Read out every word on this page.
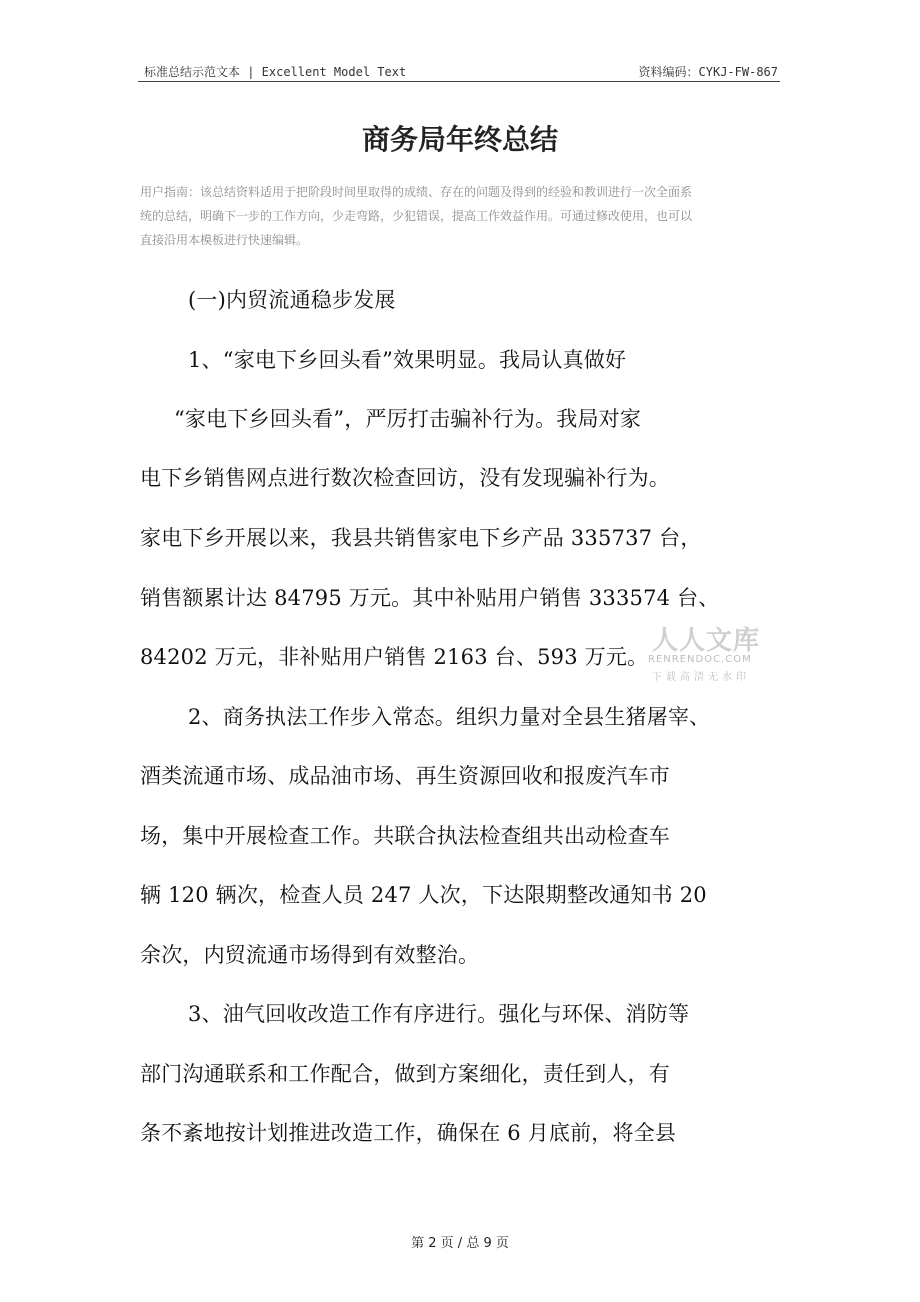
标准总结示范文本 | Excellent Model Text	资料编码：CYKJ-FW-867
商务局年终总结
用户指南：该总结资料适用于把阶段时间里取得的成绩、存在的问题及得到的经验和教训进行一次全面系
统的总结，明确下一步的工作方向，少走弯路，少犯错误，提高工作效益作用。可通过修改使用，也可以
直接沿用本模板进行快速编辑。
(一)内贸流通稳步发展
1、“家电下乡回头看”效果明显。我局认真做好
“家电下乡回头看”，严厉打击骗补行为。我局对家
电下乡销售网点进行数次检查回访，没有发现骗补行为。
家电下乡开展以来，我县共销售家电下乡产品 335737 台，
销售额累计达 84795 万元。其中补贴用户销售 333574 台、
84202 万元，非补贴用户销售 2163 台、593 万元。
2、商务执法工作步入常态。组织力量对全县生猪屠宰、
酒类流通市场、成品油市场、再生资源回收和报废汽车市
场，集中开展检查工作。共联合执法检查组共出动检查车
辆 120 辆次，检查人员 247 人次，下达限期整改通知书 20
余次，内贸流通市场得到有效整治。
3、油气回收改造工作有序进行。强化与环保、消防等
部门沟通联系和工作配合，做到方案细化，责任到人，有
条不紊地按计划推进改造工作，确保在 6 月底前，将全县
人人文库
RENRENDOC.COM
下载高清无水印
第 2 页 / 总 9 页
